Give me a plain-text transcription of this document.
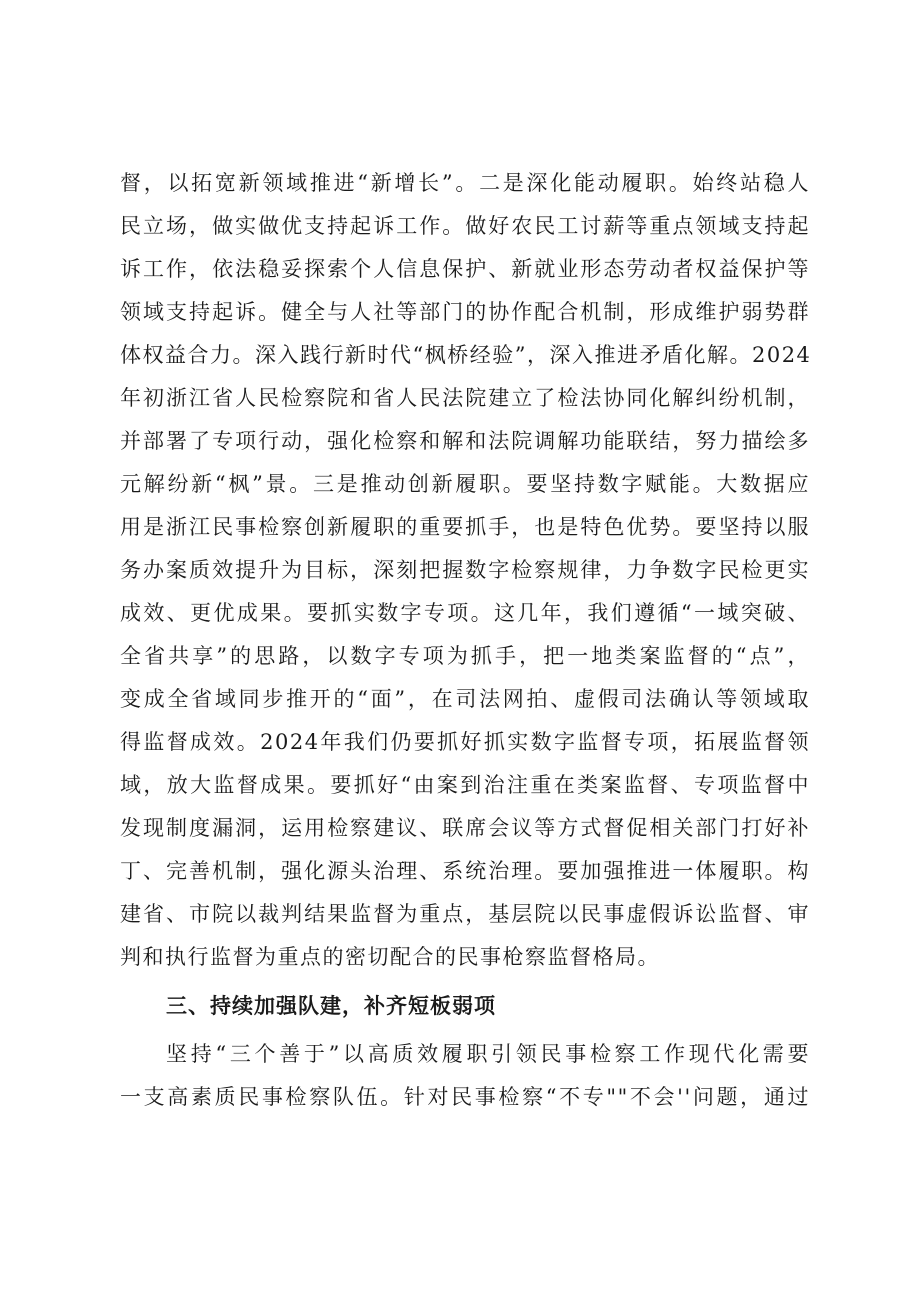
督，以拓宽新领域推进“新增长”。二是深化能动履职。始终站稳人
民立场，做实做优支持起诉工作。做好农民工讨薪等重点领域支持起
诉工作，依法稳妥探索个人信息保护、新就业形态劳动者权益保护等
领域支持起诉。健全与人社等部门的协作配合机制，形成维护弱势群
体权益合力。深入践行新时代“枫桥经验”，深入推进矛盾化解。2024
年初浙江省人民检察院和省人民法院建立了检法协同化解纠纷机制，
并部署了专项行动，强化检察和解和法院调解功能联结，努力描绘多
元解纷新“枫”景。三是推动创新履职。要坚持数字赋能。大数据应
用是浙江民事检察创新履职的重要抓手，也是特色优势。要坚持以服
务办案质效提升为目标，深刻把握数字检察规律，力争数字民检更实
成效、更优成果。要抓实数字专项。这几年，我们遵循“一域突破、
全省共享”的思路，以数字专项为抓手，把一地类案监督的“点”，
变成全省域同步推开的“面”，在司法网拍、虚假司法确认等领域取
得监督成效。2024年我们仍要抓好抓实数字监督专项，拓展监督领
域，放大监督成果。要抓好“由案到治注重在类案监督、专项监督中
发现制度漏洞，运用检察建议、联席会议等方式督促相关部门打好补
丁、完善机制，强化源头治理、系统治理。要加强推进一体履职。构
建省、市院以裁判结果监督为重点，基层院以民事虚假诉讼监督、审
判和执行监督为重点的密切配合的民事枪察监督格局。
三、持续加强队建，补齐短板弱项
坚持“三个善于”以高质效履职引领民事检察工作现代化需要
一支高素质民事检察队伍。针对民事检察“不专""不会''问题，通过
